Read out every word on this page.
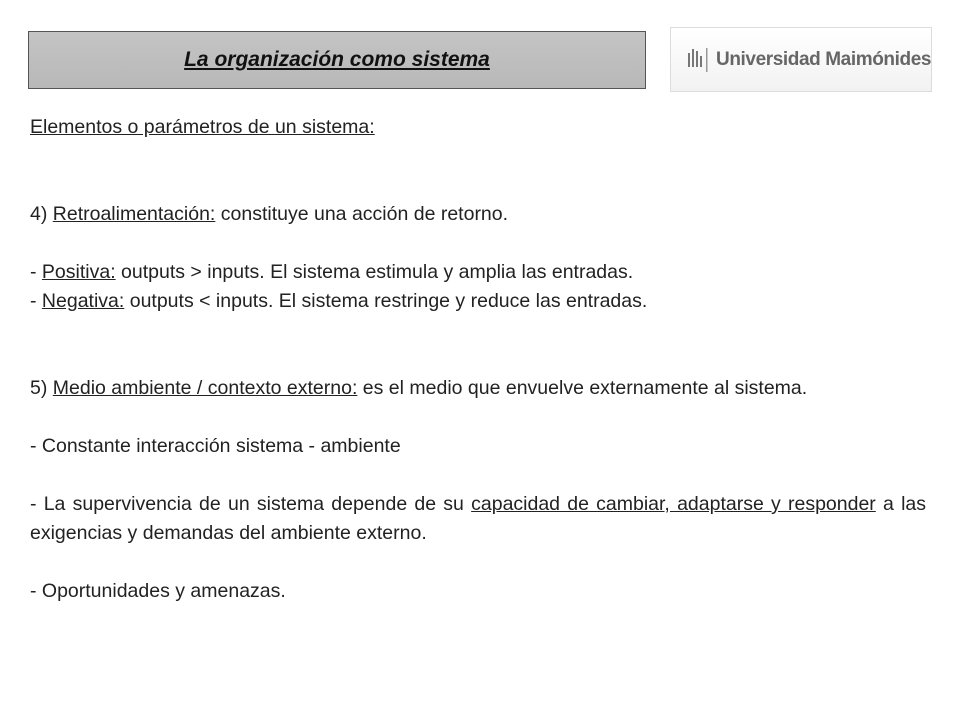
La organización como sistema	Universidad Maimónides

Elementos o parámetros de un sistema:

4) Retroalimentación: constituye una acción de retorno.

- Positiva: outputs > inputs. El sistema estimula y amplia las entradas.

- Negativa: outputs < inputs. El sistema restringe y reduce las entradas.

5) Medio ambiente / contexto externo: es el medio que envuelve externamente al sistema.

- Constante interacción sistema - ambiente

- La supervivencia de un sistema depende de su capacidad de cambiar, adaptarse y responder a las exigencias y demandas del ambiente externo.

- Oportunidades y amenazas.
